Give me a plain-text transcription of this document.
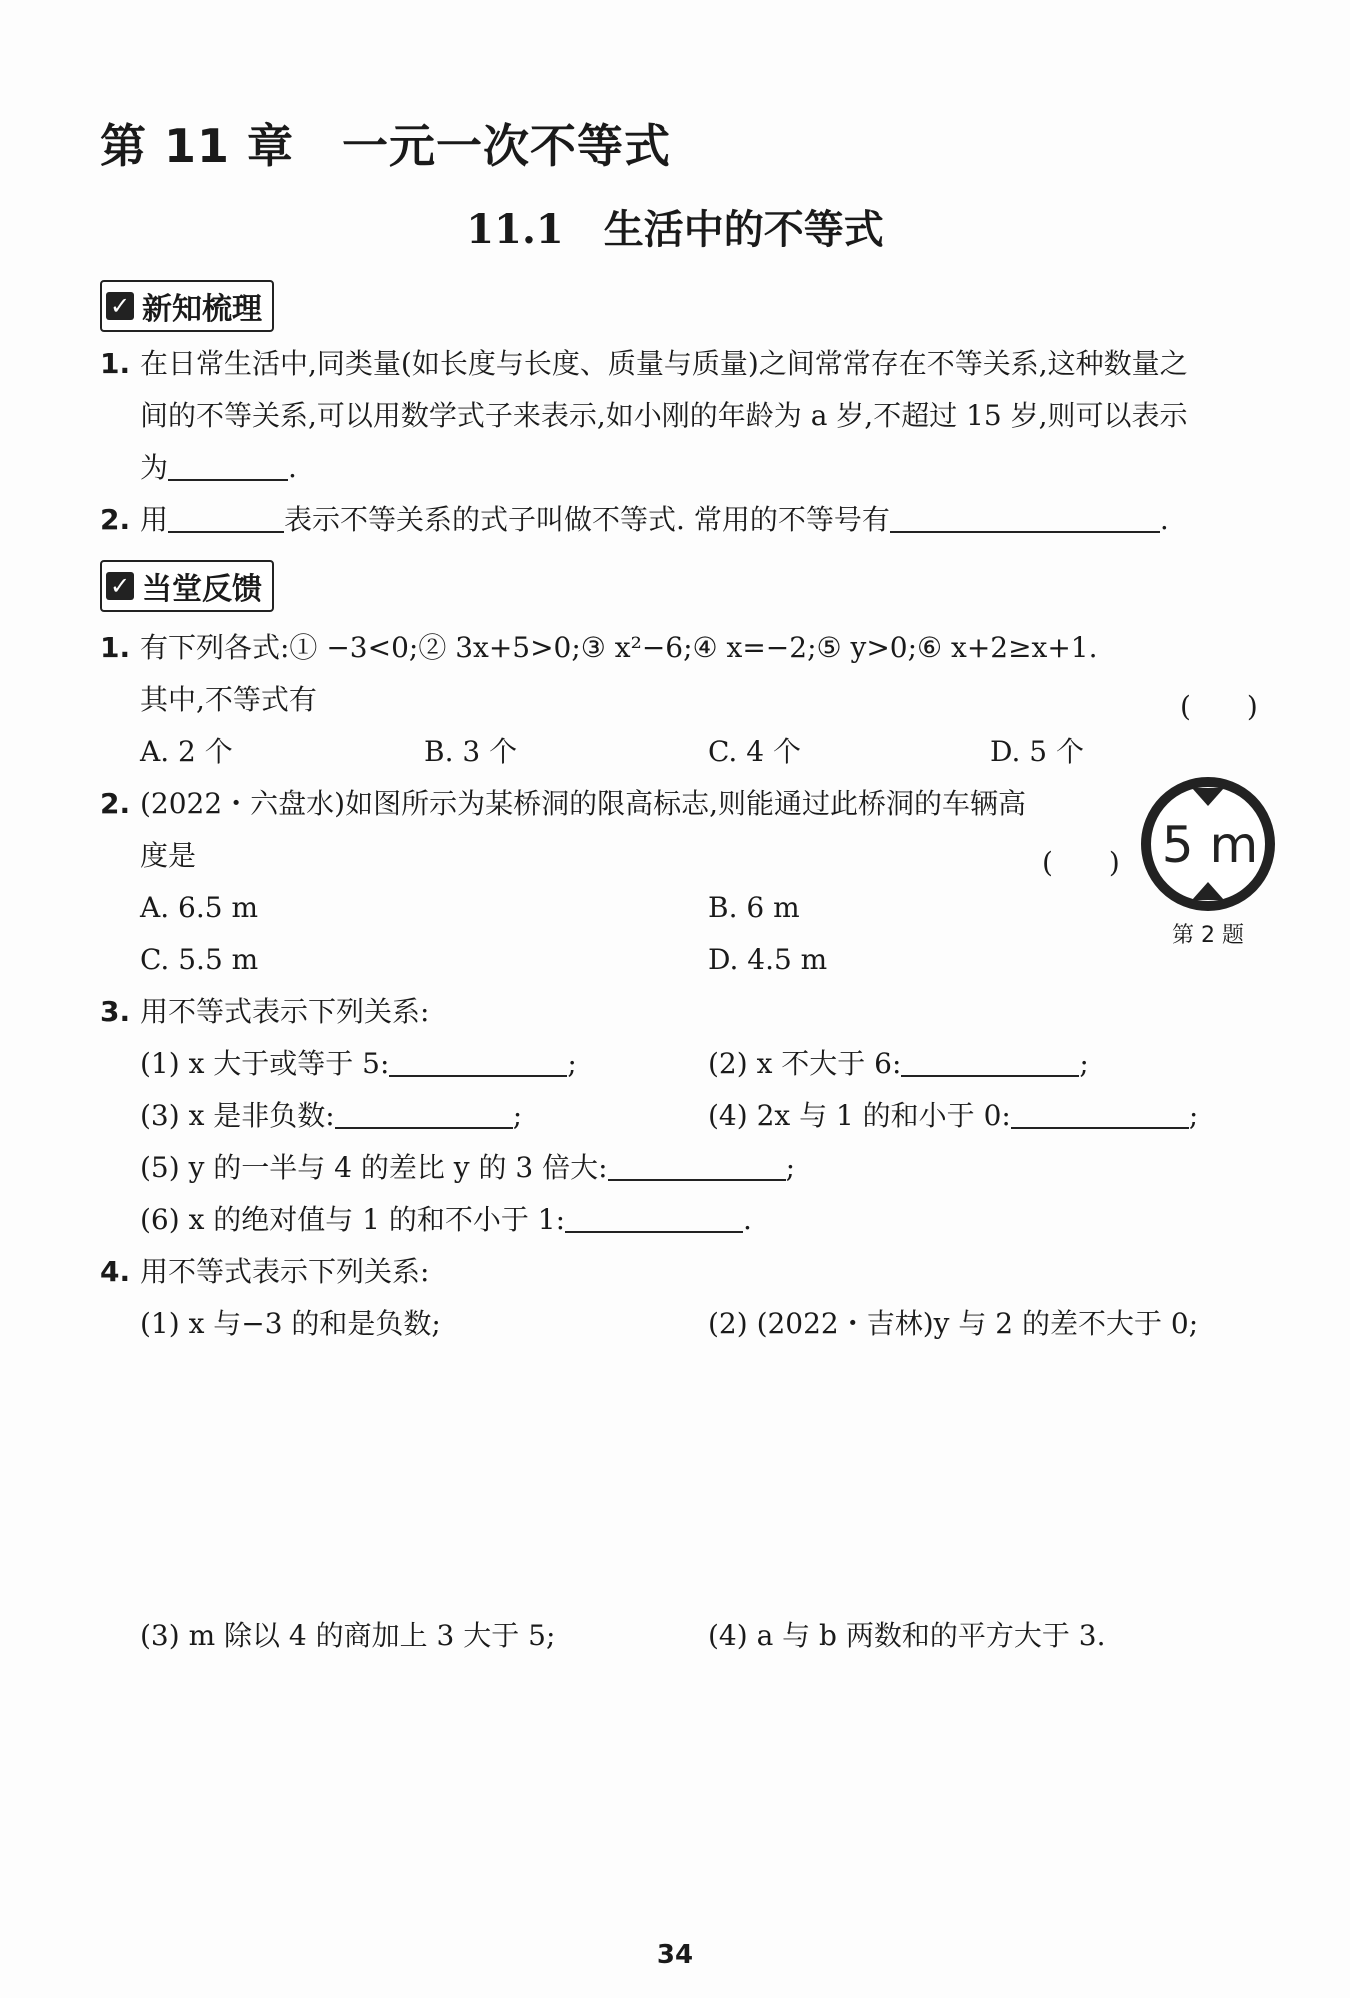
第 11 章 一元一次不等式
11.1 生活中的不等式
✓ 新知梳理
1. 在日常生活中,同类量(如长度与长度、质量与质量)之间常常存在不等关系,这种数量之
间的不等关系,可以用数学式子来表示,如小刚的年龄为 a 岁,不超过 15 岁,则可以表示
为	.
2. 用	表示不等关系的式子叫做不等式. 常用的不等号有	.
✓ 当堂反馈
1. 有下列各式:① −3<0;② 3x+5>0;③ x²−6;④ x=−2;⑤ y>0;⑥ x+2≥x+1.
其中,不等式有	(　　)
A. 2 个	B. 3 个	C. 4 个	D. 5 个
2. (2022・六盘水)如图所示为某桥洞的限高标志,则能通过此桥洞的车辆高
度是	(　　)
A. 6.5 m	B. 6 m
C. 5.5 m	D. 4.5 m
5 m
第 2 题
3. 用不等式表示下列关系:
(1) x 大于或等于 5:	;	(2) x 不大于 6:	;
(3) x 是非负数:	;	(4) 2x 与 1 的和小于 0:	;
(5) y 的一半与 4 的差比 y 的 3 倍大:	;
(6) x 的绝对值与 1 的和不小于 1:	.
4. 用不等式表示下列关系:
(1) x 与−3 的和是负数;	(2) (2022・吉林)y 与 2 的差不大于 0;
(3) m 除以 4 的商加上 3 大于 5;	(4) a 与 b 两数和的平方大于 3.
34
